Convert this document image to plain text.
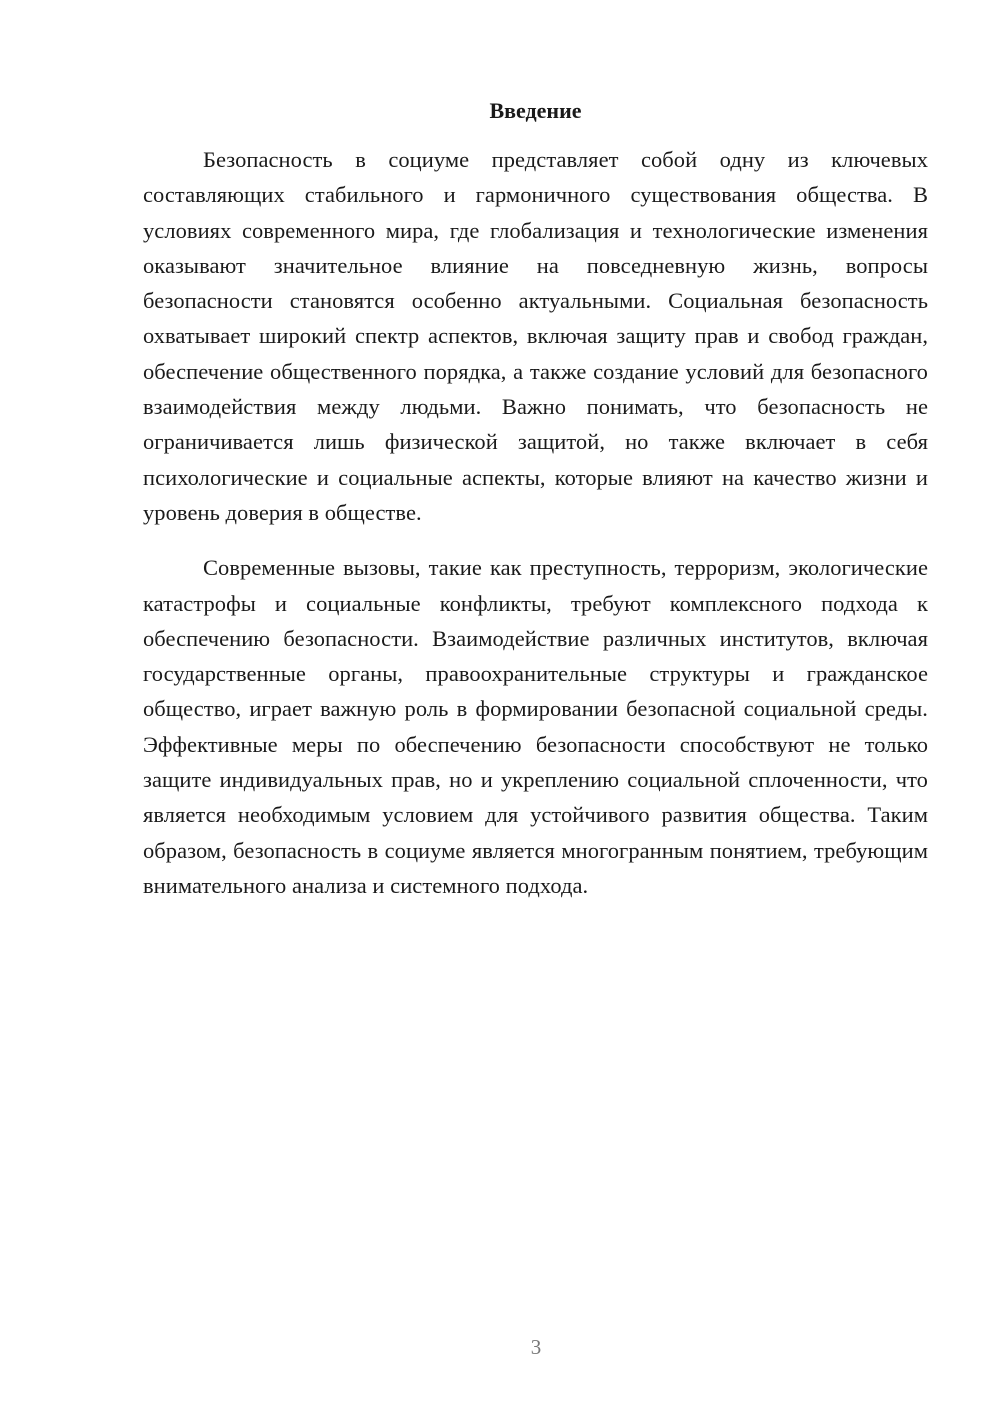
Введение

Безопасность в социуме представляет собой одну из ключевых составляющих стабильного и гармоничного существования общества. В условиях современного мира, где глобализация и технологические изменения оказывают значительное влияние на повседневную жизнь, вопросы безопасности становятся особенно актуальными. Социальная безопасность охватывает широкий спектр аспектов, включая защиту прав и свобод граждан, обеспечение общественного порядка, а также создание условий для безопасного взаимодействия между людьми. Важно понимать, что безопасность не ограничивается лишь физической защитой, но также включает в себя психологические и социальные аспекты, которые влияют на качество жизни и уровень доверия в обществе.

Современные вызовы, такие как преступность, терроризм, экологические катастрофы и социальные конфликты, требуют комплексного подхода к обеспечению безопасности. Взаимодействие различных институтов, включая государственные органы, правоохранительные структуры и гражданское общество, играет важную роль в формировании безопасной социальной среды. Эффективные меры по обеспечению безопасности способствуют не только защите индивидуальных прав, но и укреплению социальной сплоченности, что является необходимым условием для устойчивого развития общества. Таким образом, безопасность в социуме является многогранным понятием, требующим внимательного анализа и системного подхода.

3
